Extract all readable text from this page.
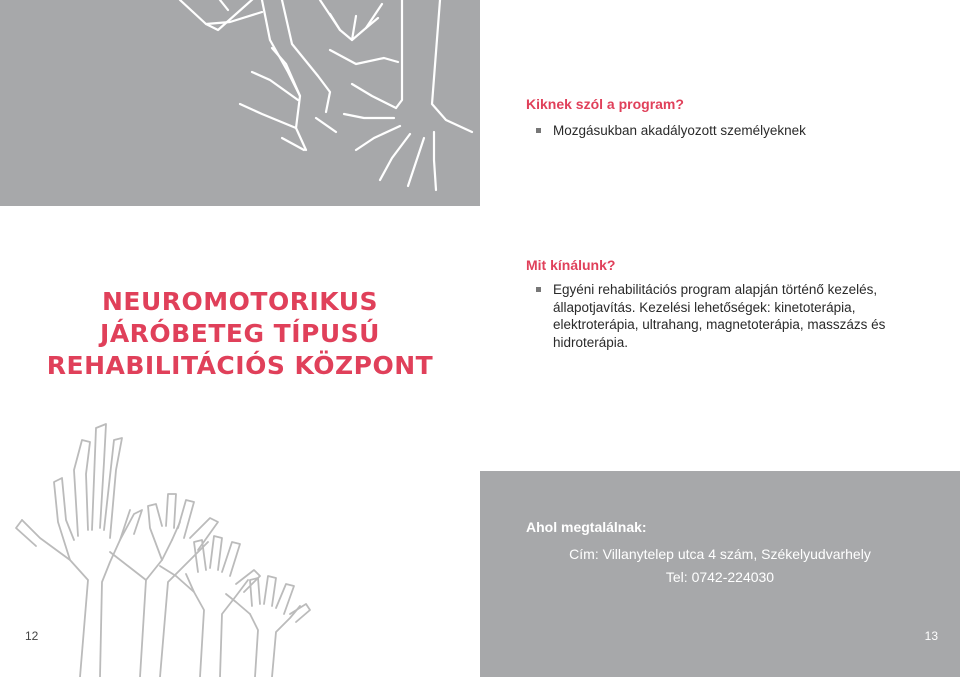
NEUROMOTORIKUS
JÁRÓBETEG TÍPUSÚ
REHABILITÁCIÓS KÖZPONT
Kiknek szól a program?
Mozgásukban akadályozott személyeknek
Mit kínálunk?
Egyéni rehabilitációs program alapján történő kezelés, állapotjavítás. Kezelési lehetőségek: kinetoterápia, elektroterápia, ultrahang, magnetoterápia, masszázs és hidroterápia.
Ahol megtalálnak:
Cím: Villanytelep utca 4 szám, Székelyudvarhely
Tel: 0742-224030
12	13
